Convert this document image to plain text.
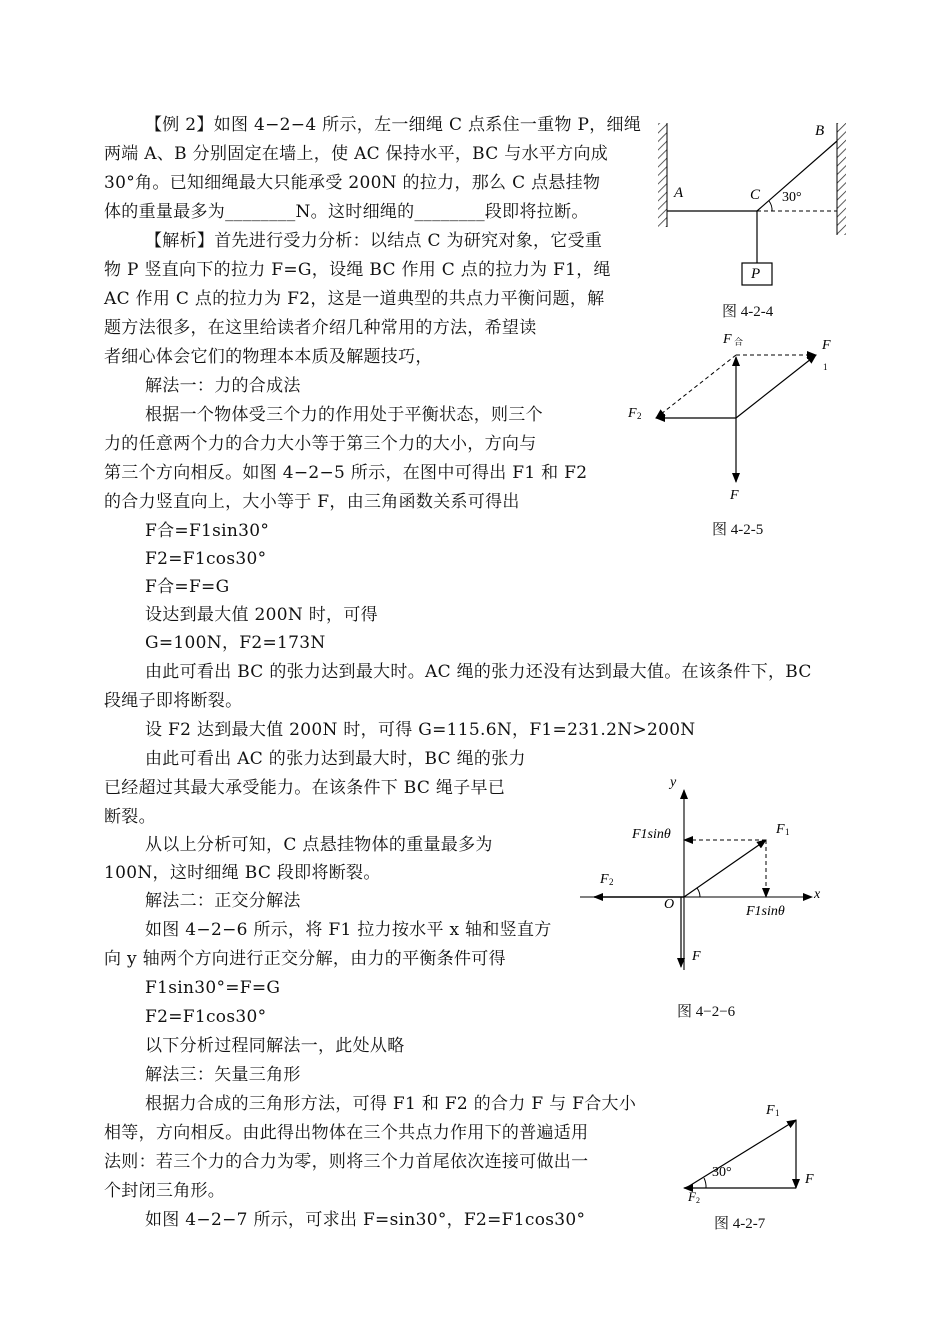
【例 2】如图 4−2−4 所示，左一细绳 C 点系住一重物 P，细绳
两端 A、B 分别固定在墙上，使 AC 保持水平，BC 与水平方向成
30°角。已知细绳最大只能承受 200N 的拉力，那么 C 点悬挂物
体的重量最多为________N。这时细绳的________段即将拉断。
【解析】首先进行受力分析：以结点 C 为研究对象，它受重
物 P 竖直向下的拉力 F=G，设绳 BC 作用 C 点的拉力为 F1，绳
AC 作用 C 点的拉力为 F2，这是一道典型的共点力平衡问题，解
题方法很多，在这里给读者介绍几种常用的方法，希望读
者细心体会它们的物理本本质及解题技巧，
解法一：力的合成法
根据一个物体受三个力的作用处于平衡状态，则三个
力的任意两个力的合力大小等于第三个力的大小，方向与
第三个方向相反。如图 4−2−5 所示，在图中可得出 F1 和 F2
的合力竖直向上，大小等于 F，由三角函数关系可得出
F合=F1sin30°
F2=F1cos30°
F合=F=G
设达到最大值 200N 时，可得
G=100N，F2=173N
由此可看出 BC 的张力达到最大时。AC 绳的张力还没有达到最大值。在该条件下，BC
段绳子即将断裂。
设 F2 达到最大值 200N 时，可得 G=115.6N，F1=231.2N>200N
由此可看出 AC 的张力达到最大时，BC 绳的张力
已经超过其最大承受能力。在该条件下 BC 绳子早已
断裂。
从以上分析可知，C 点悬挂物体的重量最多为
100N，这时细绳 BC 段即将断裂。
解法二：正交分解法
如图 4−2−6 所示，将 F1 拉力按水平 x 轴和竖直方
向 y 轴两个方向进行正交分解，由力的平衡条件可得
F1sin30°=F=G
F2=F1cos30°
以下分析过程同解法一，此处从略
解法三：矢量三角形
根据力合成的三角形方法，可得 F1 和 F2 的合力 F 与 F合大小
相等，方向相反。由此得出物体在三个共点力作用下的普遍适用
法则：若三个力的合力为零，则将三个力首尾依次连接可做出一
个封闭三角形。
如图 4−2−7 所示，可求出 F=sin30°，F2=F1cos30°
B
A	C 30°
P
图 4-2-4
F 合	F
1
F 2
F
图 4-2-5
y
x
O
F 1
F 2
F
F1sinθ
F1sinθ
图 4−2−6
F 1
F
30°
F 2
图 4-2-7
